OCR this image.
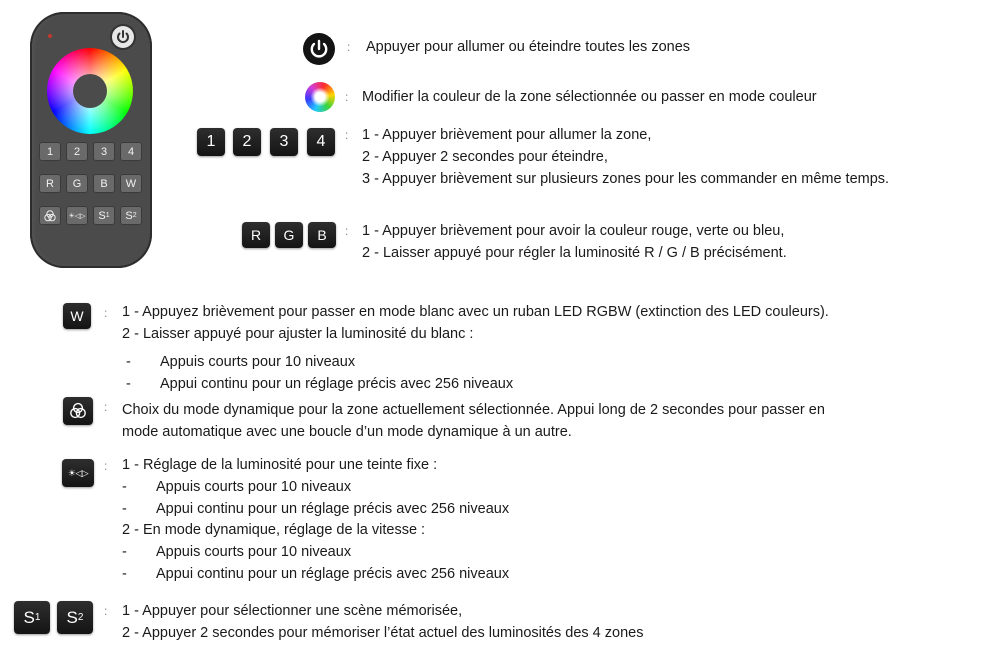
1	2	3	4
R	G	B	W
☀◁▷ S 1 S 2
: Appuyer pour allumer ou éteindre toutes les zones
: Modifier la couleur de la zone sélectionnée ou passer en mode couleur
1	2	3	4	: 1 - Appuyer brièvement pour allumer la zone,
2 - Appuyer 2 secondes pour éteindre,
3 - Appuyer brièvement sur plusieurs zones pour les commander en même temps.
R	G	B	: 1 - Appuyer brièvement pour avoir la couleur rouge, verte ou bleu,
2 - Laisser appuyé pour régler la luminosité R / G / B précisément.
W	: 1 - Appuyez brièvement pour passer en mode blanc avec un ruban LED RGBW (extinction des LED couleurs).
2 - Laisser appuyé pour ajuster la luminosité du blanc :
- Appuis courts pour 10 niveaux
- Appui continu pour un réglage précis avec 256 niveaux
: Choix du mode dynamique pour la zone actuellement sélectionnée. Appui long de 2 secondes pour passer en
mode automatique avec une boucle d’un mode dynamique à un autre.
☀◁▷	: 1 - Réglage de la luminosité pour une teinte fixe :
- Appuis courts pour 10 niveaux
- Appui continu pour un réglage précis avec 256 niveaux
2 - En mode dynamique, réglage de la vitesse :
- Appuis courts pour 10 niveaux
- Appui continu pour un réglage précis avec 256 niveaux
S 1 S 2 : 1 - Appuyer pour sélectionner une scène mémorisée,
2 - Appuyer 2 secondes pour mémoriser l’état actuel des luminosités des 4 zones
